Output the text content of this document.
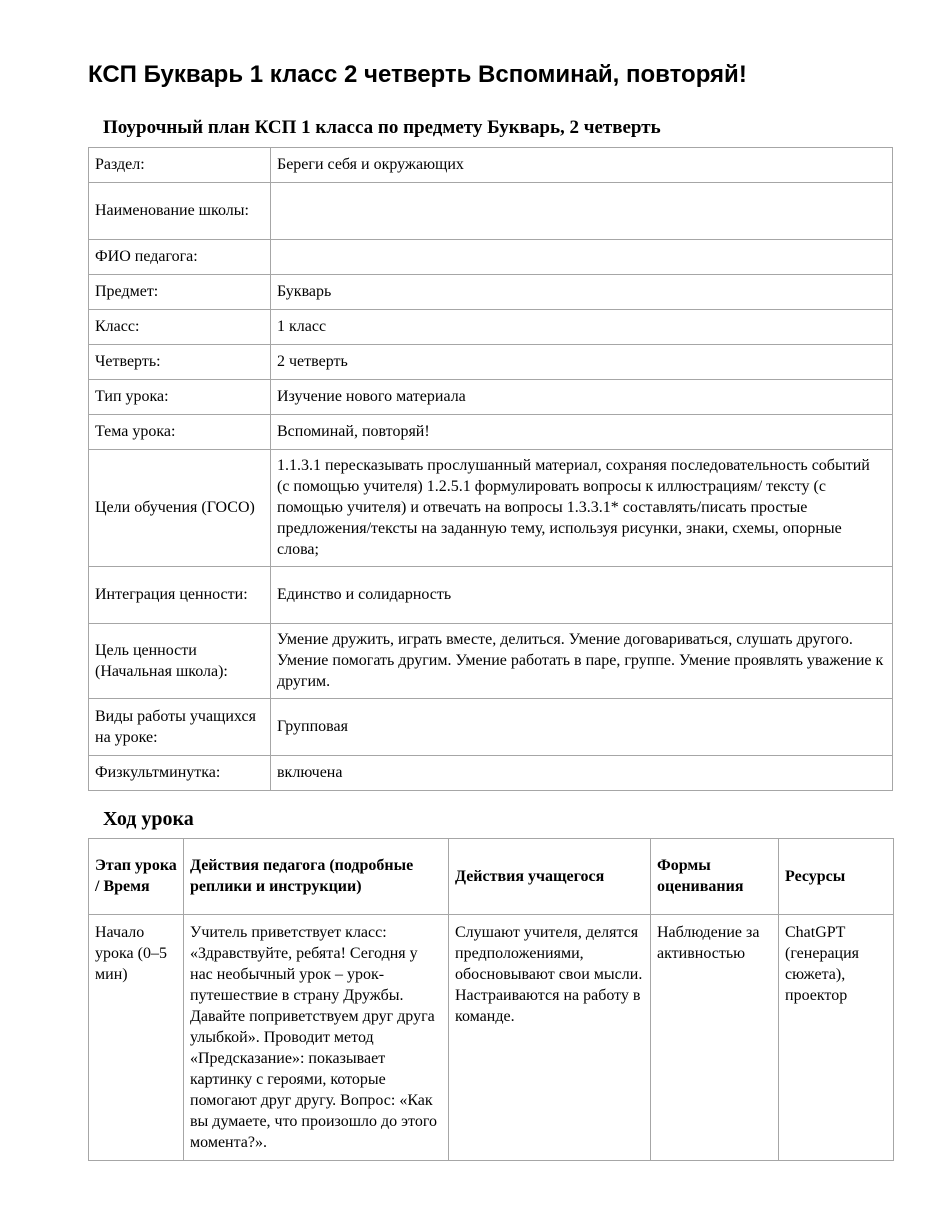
КСП Букварь 1 класс 2 четверть Вспоминай, повторяй!
Поурочный план КСП 1 класса по предмету Букварь, 2 четверть
Раздел:	Береги себя и окружающих
Наименование школы:	
ФИО педагога:	
Предмет:	Букварь
Класс:	1 класс
Четверть:	2 четверть
Тип урока:	Изучение нового материала
Тема урока:	Вспоминай, повторяй!
Цели обучения (ГОСО)	1.1.3.1 пересказывать прослушанный материал, сохраняя последовательность событий (с помощью учителя) 1.2.5.1 формулировать вопросы к иллюстрациям/ тексту (с помощью учителя) и отвечать на вопросы 1.3.3.1* составлять/писать простые предложения/тексты на заданную тему, используя рисунки, знаки, схемы, опорные слова;
Интеграция ценности:	Единство и солидарность
Цель ценности (Начальная школа):	Умение дружить, играть вместе, делиться. Умение договариваться, слушать другого. Умение помогать другим. Умение работать в паре, группе. Умение проявлять уважение к другим.
Виды работы учащихся на уроке:	Групповая
Физкультминутка:	включена
Ход урока
Этап урока / Время	Действия педагога (подробные реплики и инструкции)	Действия учащегося	Формы оценивания	Ресурсы
Начало урока (0–5 мин)	Учитель приветствует класс: «Здравствуйте, ребята! Сегодня у нас необычный урок – урок-путешествие в страну Дружбы. Давайте поприветствуем друг друга улыбкой». Проводит метод «Предсказание»: показывает картинку с героями, которые помогают друг другу. Вопрос: «Как вы думаете, что произошло до этого момента?».	Слушают учителя, делятся предположениями, обосновывают свои мысли. Настраиваются на работу в команде.	Наблюдение за активностью	ChatGPT (генерация сюжета), проектор
